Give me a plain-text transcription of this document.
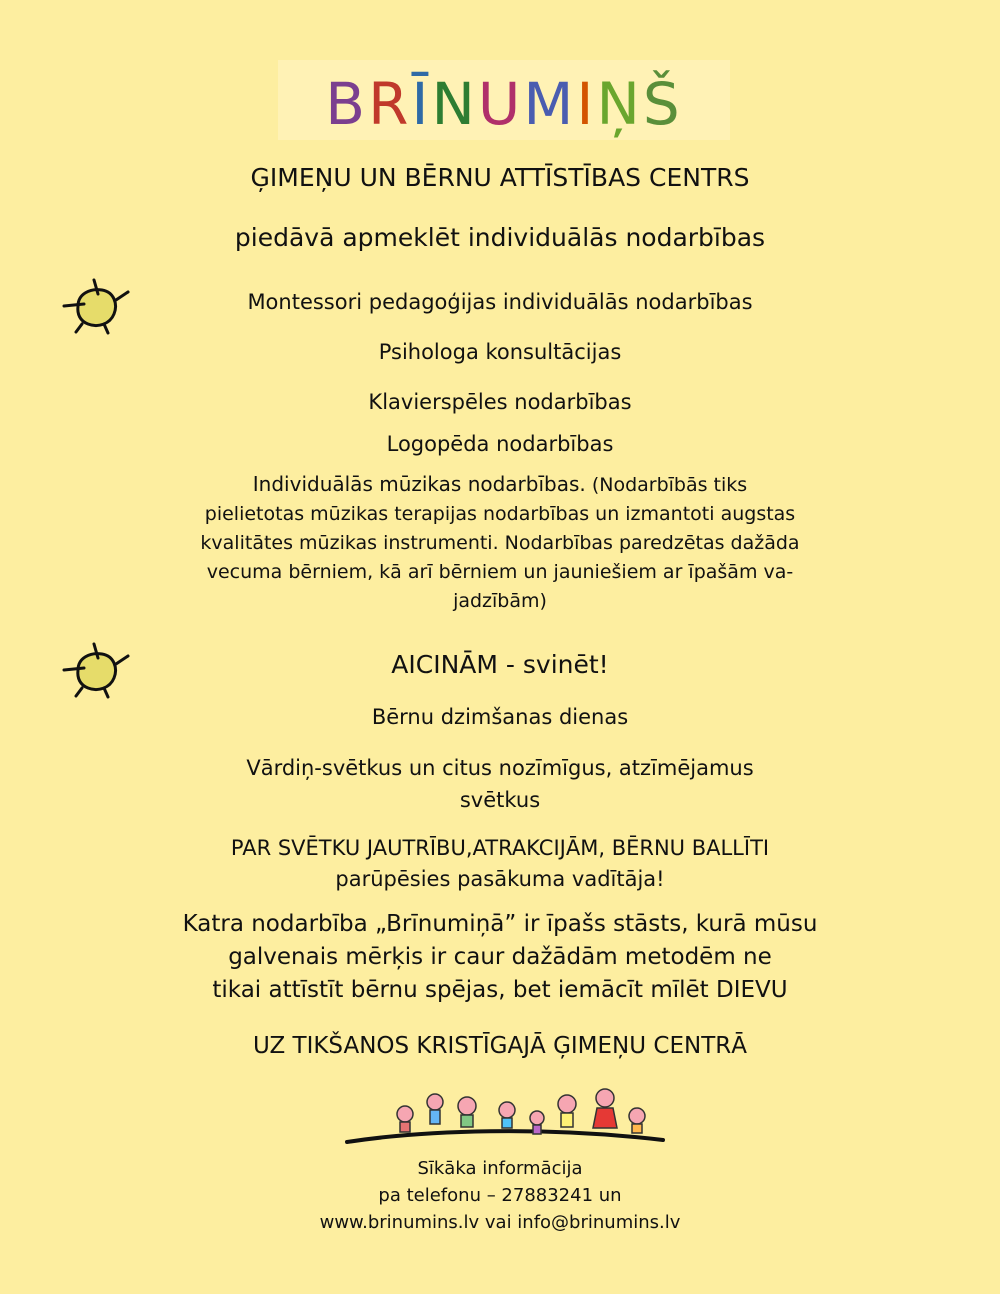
BRĪNUMIŅŠ

ĢIMEŅU UN BĒRNU ATTĪSTĪBAS CENTRS

piedāvā apmeklēt individuālās nodarbības

Montessori pedagoģijas individuālās nodarbības

Psihologa konsultācijas

Klavierspēles nodarbības

Logopēda nodarbības

Individuālās mūzikas nodarbības. (Nodarbībās tiks
pielietotas mūzikas terapijas nodarbības un izmantoti augstas
kvalitātes mūzikas instrumenti. Nodarbības paredzētas dažāda
vecuma bērniem, kā arī bērniem un jauniešiem ar īpašām va-
jadzībām)

AICINĀM - svinēt!

Bērnu dzimšanas dienas

Vārdiņ-svētkus un citus nozīmīgus, atzīmējamus
svētkus
PAR SVĒTKU JAUTRĪBU,ATRAKCIJĀM, BĒRNU BALLĪTI
parūpēsies pasākuma vadītāja!
Katra nodarbība „Brīnumiņā” ir īpašs stāsts, kurā mūsu
galvenais mērķis ir caur dažādām metodēm ne
tikai attīstīt bērnu spējas, bet iemācīt mīlēt DIEVU

UZ TIKŠANOS KRISTĪGAJĀ ĢIMEŅU CENTRĀ

Sīkāka informācija
pa telefonu – 27883241 un
www.brinumins.lv vai info@brinumins.lv
